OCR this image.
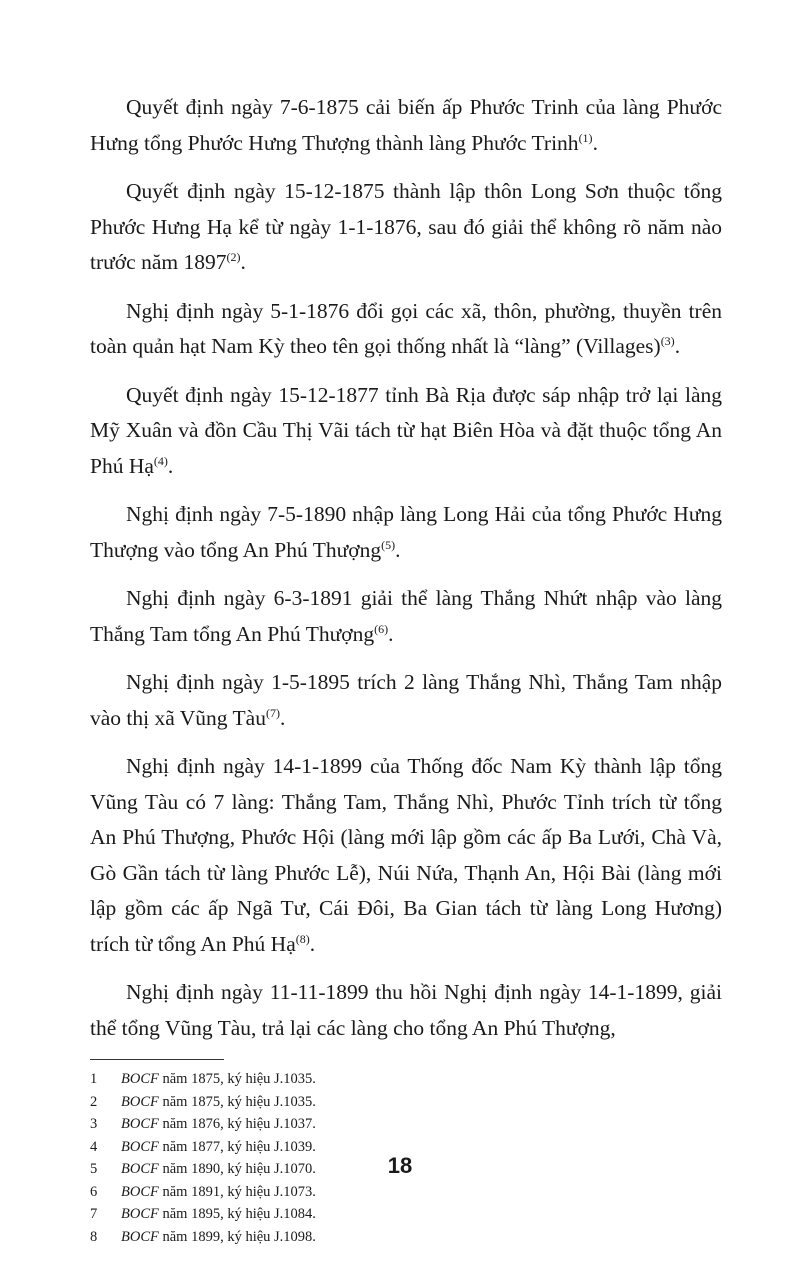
Quyết định ngày 7-6-1875 cải biến ấp Phước Trinh của làng Phước Hưng tổng Phước Hưng Thượng thành làng Phước Trinh$^{(1)}$.

Quyết định ngày 15-12-1875 thành lập thôn Long Sơn thuộc tổng Phước Hưng Hạ kể từ ngày 1-1-1876, sau đó giải thể không rõ năm nào trước năm 1897$^{(2)}$.

Nghị định ngày 5-1-1876 đổi gọi các xã, thôn, phường, thuyền trên toàn quản hạt Nam Kỳ theo tên gọi thống nhất là “làng” (Villages)$^{(3)}$.

Quyết định ngày 15-12-1877 tỉnh Bà Rịa được sáp nhập trở lại làng Mỹ Xuân và đồn Cầu Thị Vãi tách từ hạt Biên Hòa và đặt thuộc tổng An Phú Hạ$^{(4)}$.

Nghị định ngày 7-5-1890 nhập làng Long Hải của tổng Phước Hưng Thượng vào tổng An Phú Thượng$^{(5)}$.

Nghị định ngày 6-3-1891 giải thể làng Thắng Nhứt nhập vào làng Thắng Tam tổng An Phú Thượng$^{(6)}$.

Nghị định ngày 1-5-1895 trích 2 làng Thắng Nhì, Thắng Tam nhập vào thị xã Vũng Tàu$^{(7)}$.

Nghị định ngày 14-1-1899 của Thống đốc Nam Kỳ thành lập tổng Vũng Tàu có 7 làng: Thắng Tam, Thắng Nhì, Phước Tỉnh trích từ tổng An Phú Thượng, Phước Hội (làng mới lập gồm các ấp Ba Lưới, Chà Và, Gò Gần tách từ làng Phước Lễ), Núi Nứa, Thạnh An, Hội Bài (làng mới lập gồm các ấp Ngã Tư, Cái Đôi, Ba Gian tách từ làng Long Hương) trích từ tổng An Phú Hạ$^{(8)}$.

Nghị định ngày 11-11-1899 thu hồi Nghị định ngày 14-1-1899, giải thể tổng Vũng Tàu, trả lại các làng cho tổng An Phú Thượng,

1 BOCF năm 1875, ký hiệu J.1035.
2 BOCF năm 1875, ký hiệu J.1035.
3 BOCF năm 1876, ký hiệu J.1037.
4 BOCF năm 1877, ký hiệu J.1039.
5 BOCF năm 1890, ký hiệu J.1070.
6 BOCF năm 1891, ký hiệu J.1073.
7 BOCF năm 1895, ký hiệu J.1084.
8 BOCF năm 1899, ký hiệu J.1098.
18
